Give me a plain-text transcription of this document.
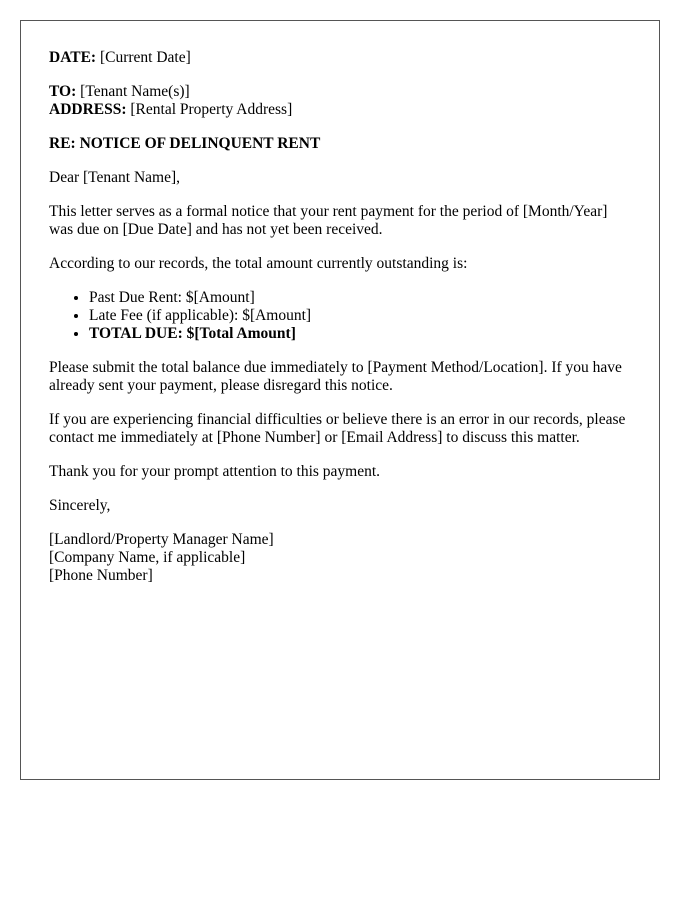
DATE: [Current Date]

TO: [Tenant Name(s)]
ADDRESS: [Rental Property Address]

RE: NOTICE OF DELINQUENT RENT

Dear [Tenant Name],

This letter serves as a formal notice that your rent payment for the period of [Month/Year] was due on [Due Date] and has not yet been received.

According to our records, the total amount currently outstanding is:

• Past Due Rent: $[Amount]
• Late Fee (if applicable): $[Amount]
• TOTAL DUE: $[Total Amount]

Please submit the total balance due immediately to [Payment Method/Location]. If you have already sent your payment, please disregard this notice.

If you are experiencing financial difficulties or believe there is an error in our records, please contact me immediately at [Phone Number] or [Email Address] to discuss this matter.

Thank you for your prompt attention to this payment.

Sincerely,

[Landlord/Property Manager Name]
[Company Name, if applicable]
[Phone Number]
